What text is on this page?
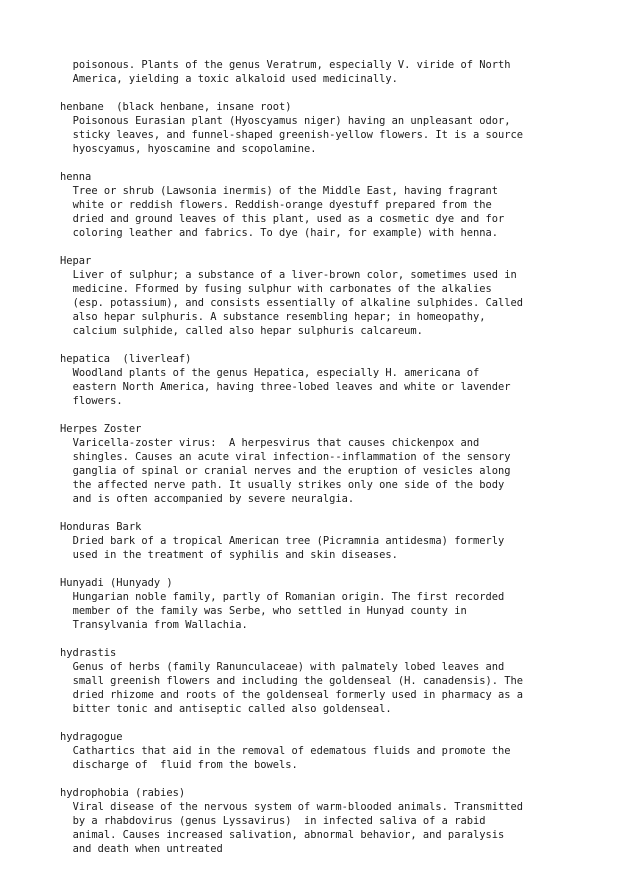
poisonous. Plants of the genus Veratrum, especially V. viride of North
America, yielding a toxic alkaloid used medicinally.
henbane  (black henbane, insane root)
Poisonous Eurasian plant (Hyoscyamus niger) having an unpleasant odor,
sticky leaves, and funnel-shaped greenish-yellow flowers. It is a source
hyoscyamus, hyoscamine and scopolamine.
henna
Tree or shrub (Lawsonia inermis) of the Middle East, having fragrant
white or reddish flowers. Reddish-orange dyestuff prepared from the
dried and ground leaves of this plant, used as a cosmetic dye and for
coloring leather and fabrics. To dye (hair, for example) with henna.
Hepar
Liver of sulphur; a substance of a liver-brown color, sometimes used in
medicine. Fformed by fusing sulphur with carbonates of the alkalies
(esp. potassium), and consists essentially of alkaline sulphides. Called
also hepar sulphuris. A substance resembling hepar; in homeopathy,
calcium sulphide, called also hepar sulphuris calcareum.
hepatica  (liverleaf)
Woodland plants of the genus Hepatica, especially H. americana of
eastern North America, having three-lobed leaves and white or lavender
flowers.
Herpes Zoster
Varicella-zoster virus:  A herpesvirus that causes chickenpox and
shingles. Causes an acute viral infection--inflammation of the sensory
ganglia of spinal or cranial nerves and the eruption of vesicles along
the affected nerve path. It usually strikes only one side of the body
and is often accompanied by severe neuralgia.
Honduras Bark
Dried bark of a tropical American tree (Picramnia antidesma) formerly
used in the treatment of syphilis and skin diseases.
Hunyadi (Hunyady )
Hungarian noble family, partly of Romanian origin. The first recorded
member of the family was Serbe, who settled in Hunyad county in
Transylvania from Wallachia.
hydrastis
Genus of herbs (family Ranunculaceae) with palmately lobed leaves and
small greenish flowers and including the goldenseal (H. canadensis). The
dried rhizome and roots of the goldenseal formerly used in pharmacy as a
bitter tonic and antiseptic called also goldenseal.
hydragogue
Cathartics that aid in the removal of edematous fluids and promote the
discharge of  fluid from the bowels.
hydrophobia (rabies)
Viral disease of the nervous system of warm-blooded animals. Transmitted
by a rhabdovirus (genus Lyssavirus)  in infected saliva of a rabid
animal. Causes increased salivation, abnormal behavior, and paralysis
and death when untreated
